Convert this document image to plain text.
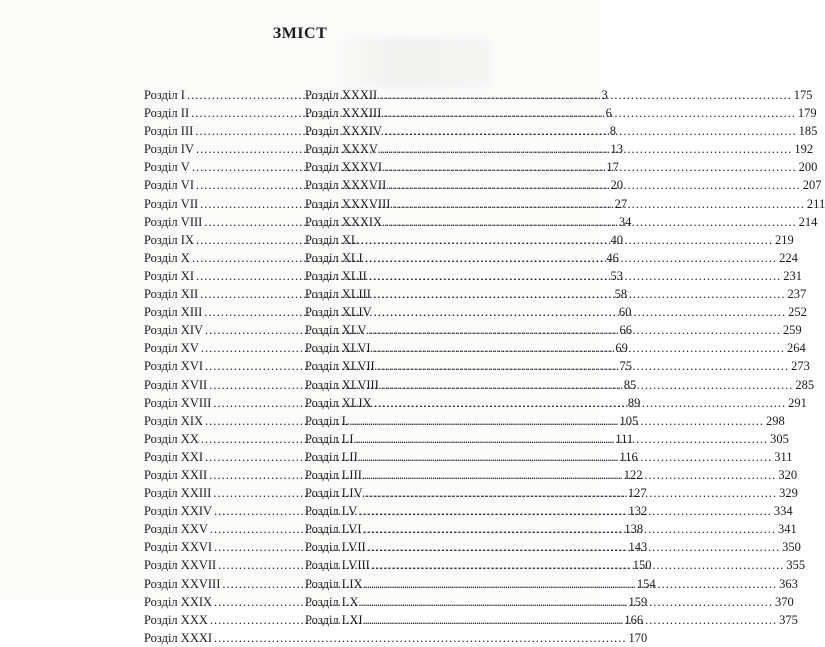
ЗМІСТ
Розділ I .....	3
Розділ II .....	6
Розділ III .....	8
Розділ IV .....	13
Розділ V .....	17
Розділ VI .....	20
Розділ VII .....	27
Розділ VIII .....	34
Розділ IX .....	40
Розділ X .....	46
Розділ XI .....	53
Розділ XII .....	58
Розділ XIII .....	60
Розділ XIV .....	66
Розділ XV .....	69
Розділ XVI .....	75
Розділ XVII .....	85
Розділ XVIII .....	89
Розділ XIX .....	105
Розділ XX .....	111
Розділ XXI .....	116
Розділ XXII .....	122
Розділ XXIII .....	127
Розділ XXIV .....	132
Розділ XXV .....	138
Розділ XXVI .....	143
Розділ XXVII .....	150
Розділ XXVIII .....	154
Розділ XXIX .....	159
Розділ XXX .....	166
Розділ XXXI .....	170
Розділ XXXII .....	175
Розділ XXXIII .....	179
Розділ XXXIV .....	185
Розділ XXXV .....	192
Розділ XXXVI .....	200
Розділ XXXVII .....	207
Розділ XXXVIII .....	211
Розділ XXXIX .....	214
Розділ XL .....	219
Розділ XLI .....	224
Розділ XLII .....	231
Розділ XLIII .....	237
Розділ XLIV .....	252
Розділ XLV .....	259
Розділ XLVI .....	264
Розділ XLVII .....	273
Розділ XLVIII .....	285
Розділ XLIX .....	291
Розділ L .....	298
Розділ LI .....	305
Розділ LII .....	311
Розділ LIII .....	320
Розділ LIV .....	329
Розділ LV .....	334
Розділ LVI .....	341
Розділ LVII .....	350
Розділ LVIII .....	355
Розділ LIX .....	363
Розділ LX .....	370
Розділ LXI .....	375
